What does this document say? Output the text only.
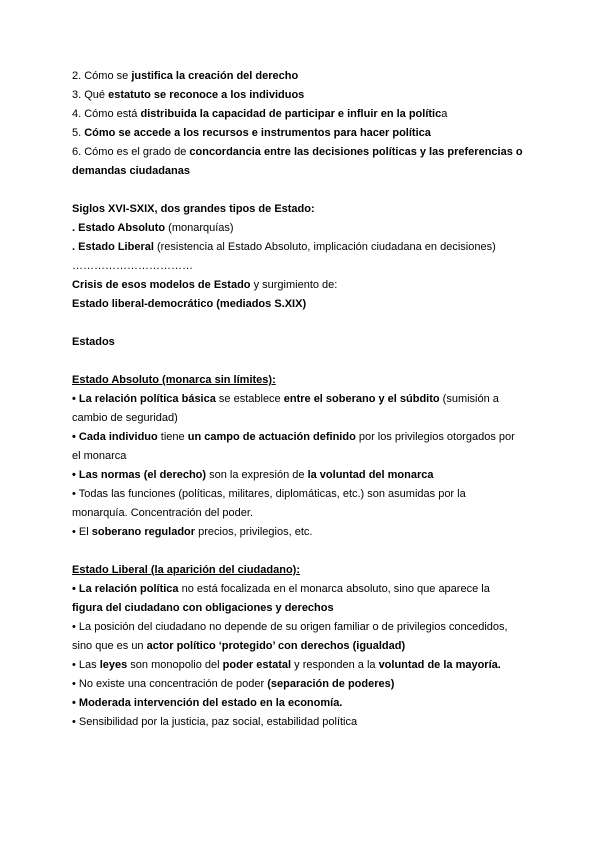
2. Cómo se justifica la creación del derecho

3. Qué estatuto se reconoce a los individuos

4. Cómo está distribuida la capacidad de participar e influir en la política

5. Cómo se accede a los recursos e instrumentos para hacer política

6. Cómo es el grado de concordancia entre las decisiones políticas y las preferencias o

demandas ciudadanas

Siglos XVI-SXIX, dos grandes tipos de Estado:

. Estado Absoluto (monarquías)

. Estado Liberal (resistencia al Estado Absoluto, implicación ciudadana en decisiones)

……………………………

Crisis de esos modelos de Estado y surgimiento de:

Estado liberal-democrático (mediados S.XIX)

Estados

Estado Absoluto (monarca sin límites):

• La relación política básica se establece entre el soberano y el súbdito (sumisión a

cambio de seguridad)

• Cada individuo tiene un campo de actuación definido por los privilegios otorgados por

el monarca

• Las normas (el derecho) son la expresión de la voluntad del monarca

• Todas las funciones (políticas, militares, diplomáticas, etc.) son asumidas por la

monarquía. Concentración del poder.

• El soberano regulador precios, privilegios, etc.

Estado Liberal (la aparición del ciudadano):

• La relación política no está focalizada en el monarca absoluto, sino que aparece la

figura del ciudadano con obligaciones y derechos

• La posición del ciudadano no depende de su origen familiar o de privilegios concedidos,

sino que es un actor político ‘protegido’ con derechos (igualdad)

• Las leyes son monopolio del poder estatal y responden a la voluntad de la mayoría.

• No existe una concentración de poder (separación de poderes)

• Moderada intervención del estado en la economía.

• Sensibilidad por la justicia, paz social, estabilidad política
